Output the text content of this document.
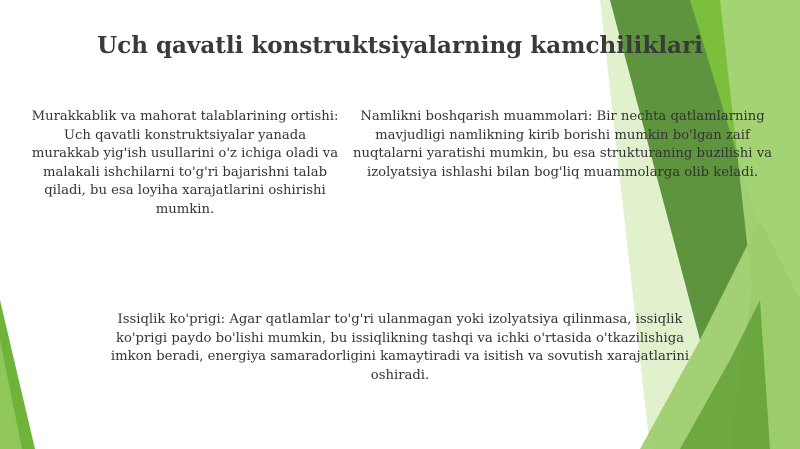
Uch qavatli konstruktsiyalarning kamchiliklari

Murakkablik va mahorat talablarining ortishi: Uch qavatli konstruktsiyalar yanada murakkab yig'ish usullarini o'z ichiga oladi va malakali ishchilarni to'g'ri bajarishni talab qiladi, bu esa loyiha xarajatlarini oshirishi mumkin.

Namlikni boshqarish muammolari: Bir nechta qatlamlarning mavjudligi namlikning kirib borishi mumkin bo'lgan zaif nuqtalarni yaratishi mumkin, bu esa strukturaning buzilishi va izolyatsiya ishlashi bilan bog'liq muammolarga olib keladi.

Issiqlik ko'prigi: Agar qatlamlar to'g'ri ulanmagan yoki izolyatsiya qilinmasa, issiqlik ko'prigi paydo bo'lishi mumkin, bu issiqlikning tashqi va ichki o'rtasida o'tkazilishiga imkon beradi, energiya samaradorligini kamaytiradi va isitish va sovutish xarajatlarini oshiradi.
